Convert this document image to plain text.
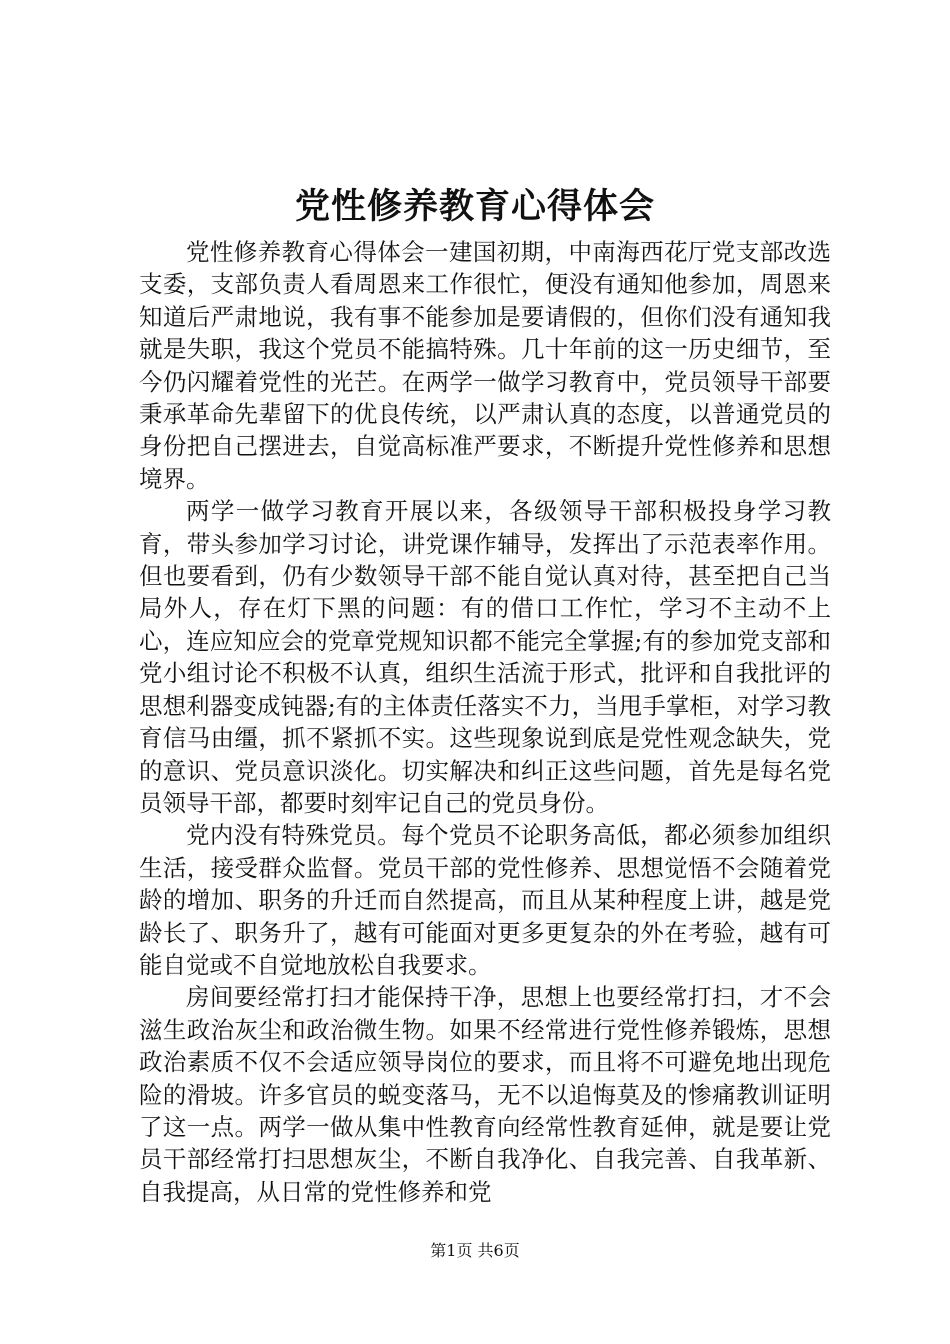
党性修养教育心得体会

党性修养教育心得体会一建国初期，中南海西花厅党支部改选支委，支部负责人看周恩来工作很忙，便没有通知他参加，周恩来知道后严肃地说，我有事不能参加是要请假的，但你们没有通知我就是失职，我这个党员不能搞特殊。几十年前的这一历史细节，至今仍闪耀着党性的光芒。在两学一做学习教育中，党员领导干部要秉承革命先辈留下的优良传统，以严肃认真的态度，以普通党员的身份把自己摆进去，自觉高标准严要求，不断提升党性修养和思想境界。

两学一做学习教育开展以来，各级领导干部积极投身学习教育，带头参加学习讨论，讲党课作辅导，发挥出了示范表率作用。但也要看到，仍有少数领导干部不能自觉认真对待，甚至把自己当局外人，存在灯下黑的问题：有的借口工作忙，学习不主动不上心，连应知应会的党章党规知识都不能完全掌握;有的参加党支部和党小组讨论不积极不认真，组织生活流于形式，批评和自我批评的思想利器变成钝器;有的主体责任落实不力，当甩手掌柜，对学习教育信马由缰，抓不紧抓不实。这些现象说到底是党性观念缺失，党的意识、党员意识淡化。切实解决和纠正这些问题，首先是每名党员领导干部，都要时刻牢记自己的党员身份。

党内没有特殊党员。每个党员不论职务高低，都必须参加组织生活，接受群众监督。党员干部的党性修养、思想觉悟不会随着党龄的增加、职务的升迁而自然提高，而且从某种程度上讲，越是党龄长了、职务升了，越有可能面对更多更复杂的外在考验，越有可能自觉或不自觉地放松自我要求。

房间要经常打扫才能保持干净，思想上也要经常打扫，才不会滋生政治灰尘和政治微生物。如果不经常进行党性修养锻炼，思想政治素质不仅不会适应领导岗位的要求，而且将不可避免地出现危险的滑坡。许多官员的蜕变落马，无不以追悔莫及的惨痛教训证明了这一点。两学一做从集中性教育向经常性教育延伸，就是要让党员干部经常打扫思想灰尘，不断自我净化、自我完善、自我革新、自我提高，从日常的党性修养和党

第1页 共6页
